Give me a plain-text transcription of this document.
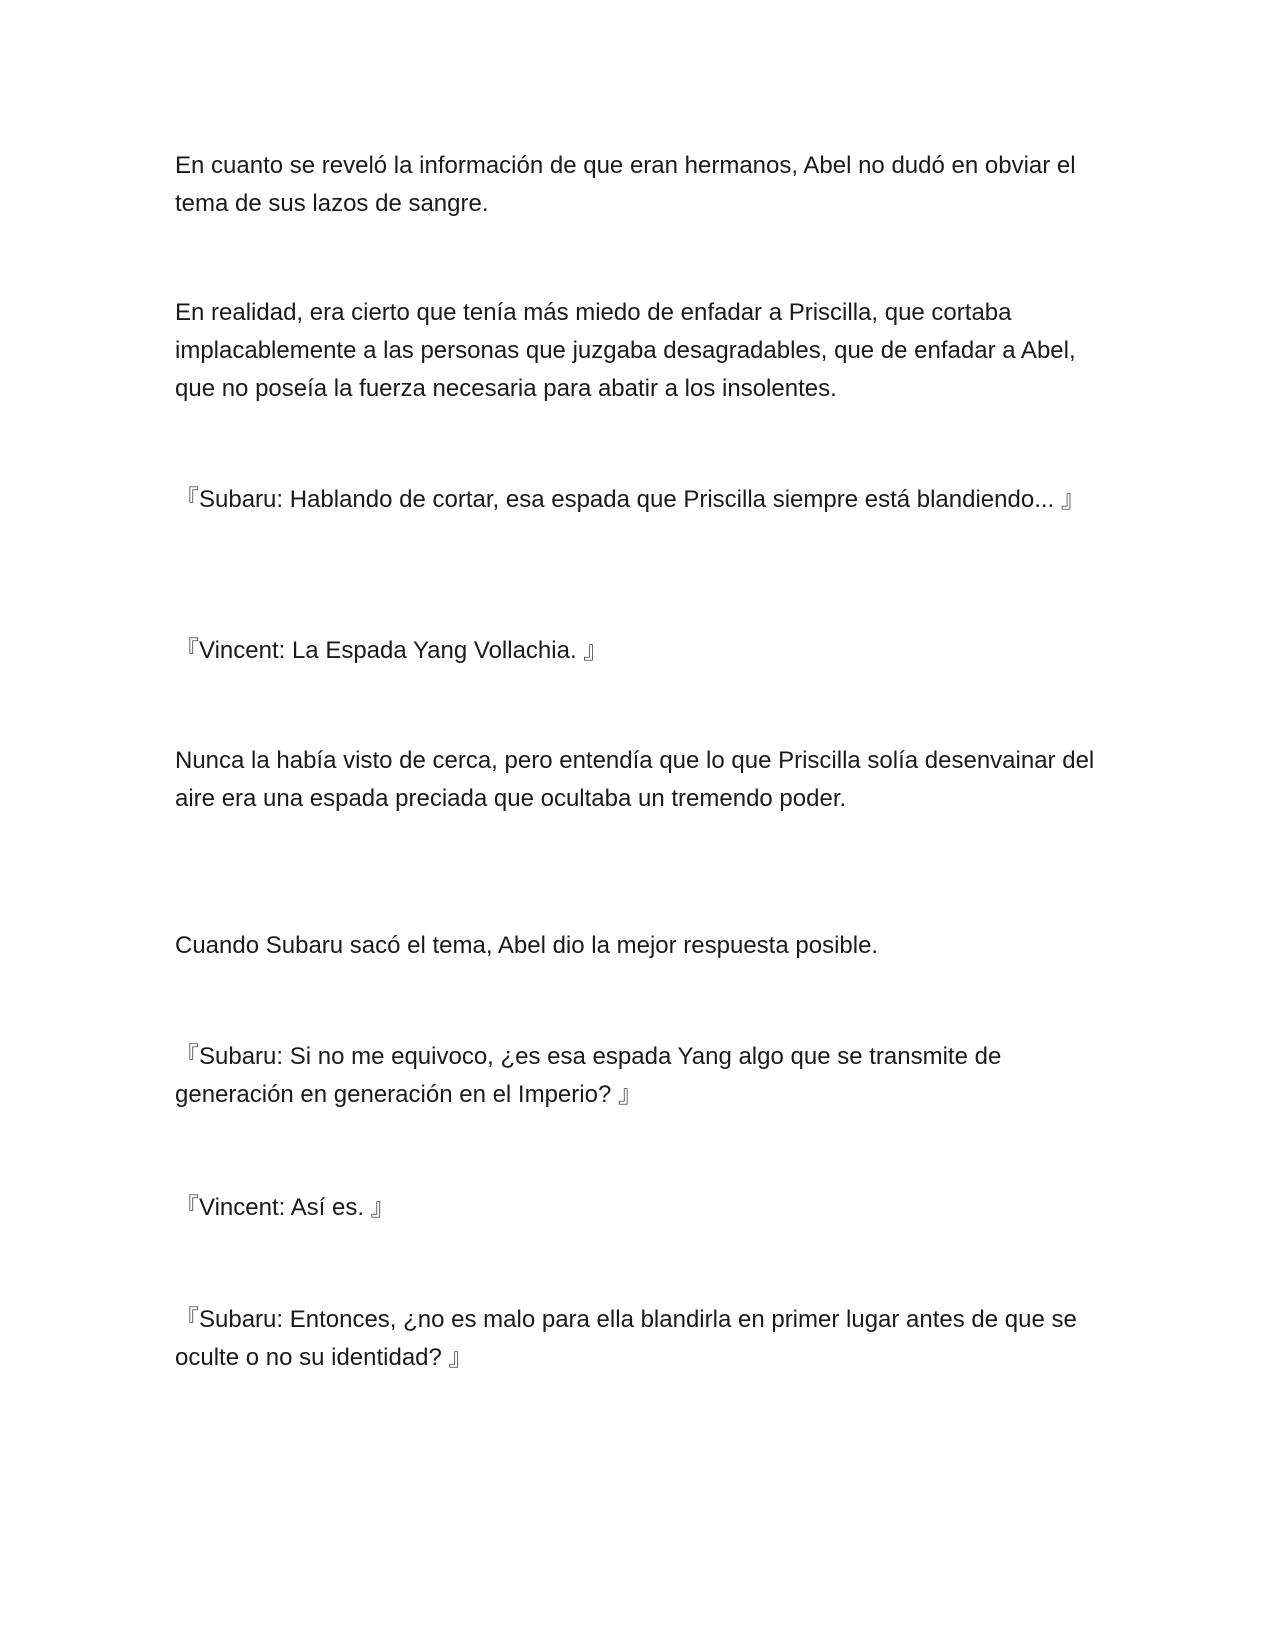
En cuanto se reveló la información de que eran hermanos, Abel no dudó en obviar el tema de sus lazos de sangre.

En realidad, era cierto que tenía más miedo de enfadar a Priscilla, que cortaba implacablemente a las personas que juzgaba desagradables, que de enfadar a Abel, que no poseía la fuerza necesaria para abatir a los insolentes.

『Subaru: Hablando de cortar, esa espada que Priscilla siempre está blandiendo... 』

『Vincent: La Espada Yang Vollachia. 』

Nunca la había visto de cerca, pero entendía que lo que Priscilla solía desenvainar del aire era una espada preciada que ocultaba un tremendo poder.

Cuando Subaru sacó el tema, Abel dio la mejor respuesta posible.

『Subaru: Si no me equivoco, ¿es esa espada Yang algo que se transmite de generación en generación en el Imperio? 』

『Vincent: Así es. 』

『Subaru: Entonces, ¿no es malo para ella blandirla en primer lugar antes de que se oculte o no su identidad? 』
